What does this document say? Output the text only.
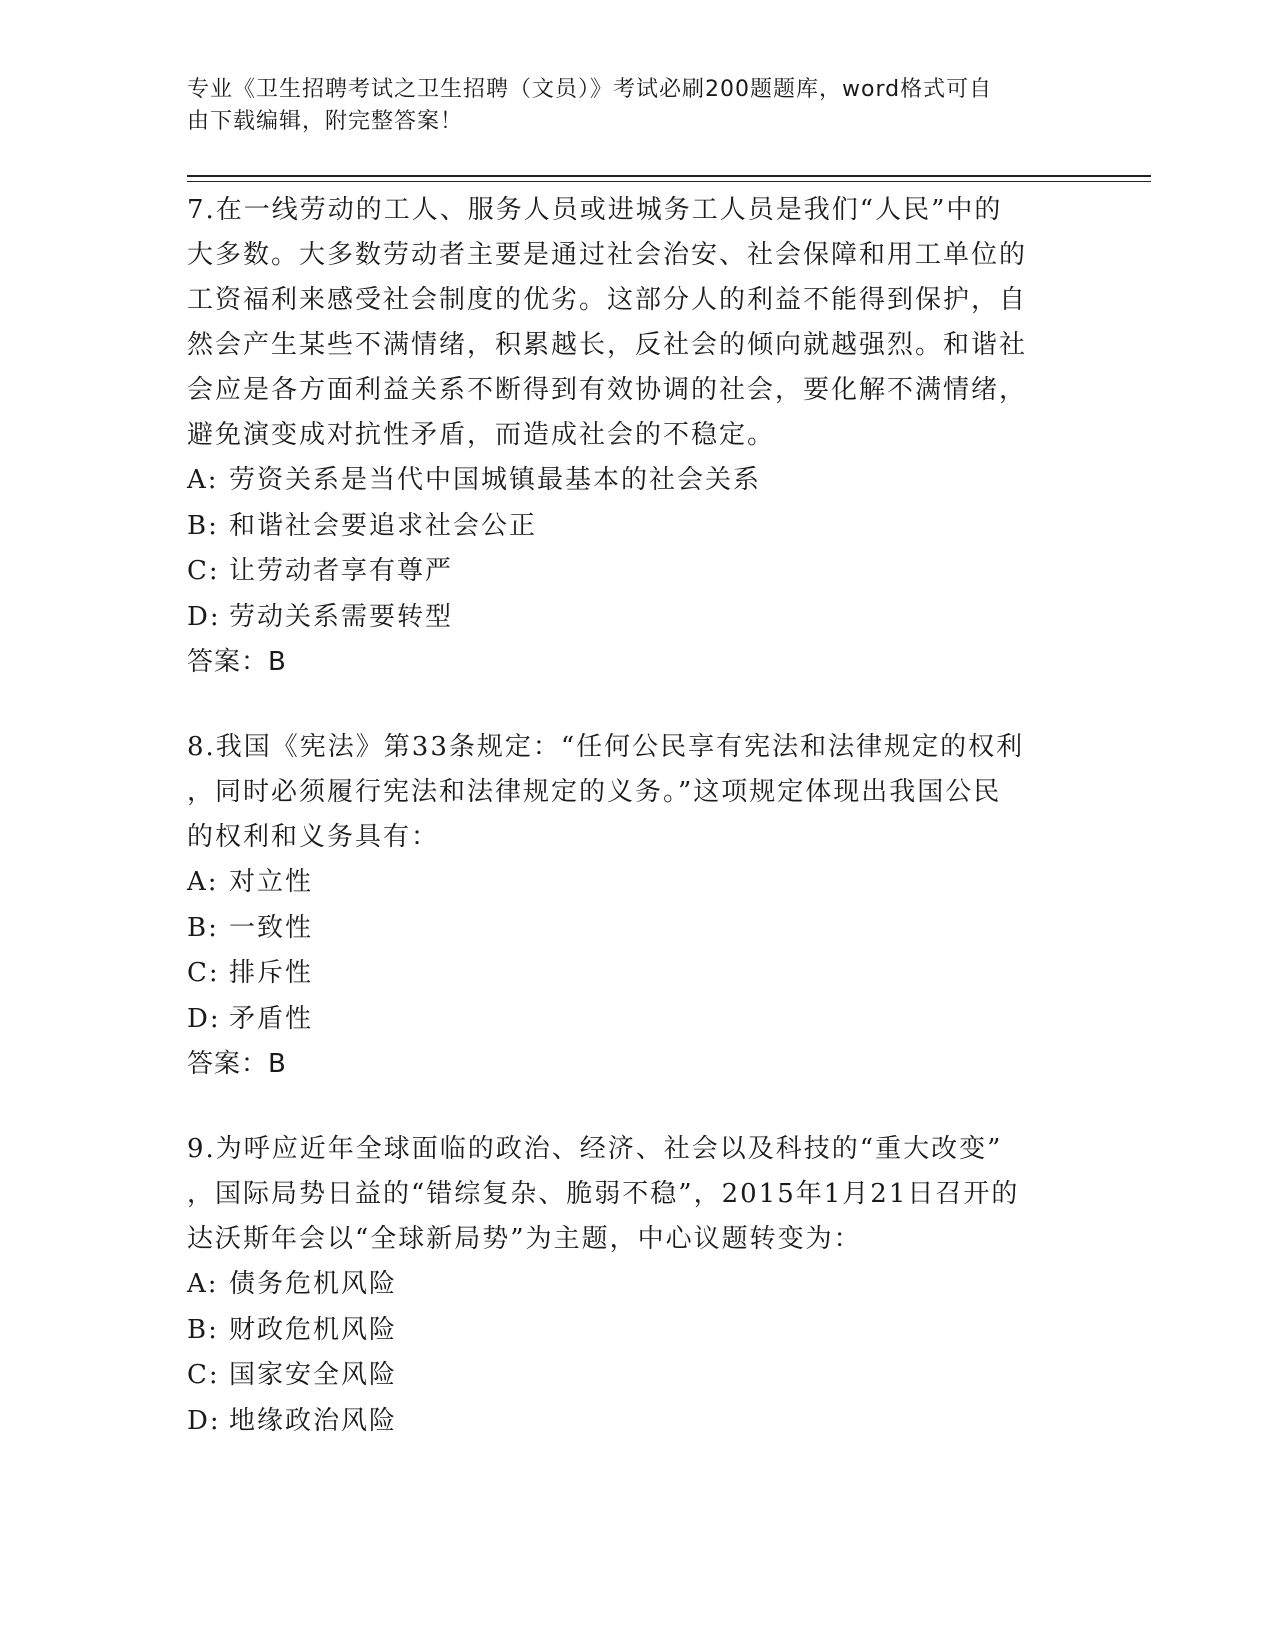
专业《卫生招聘考试之卫生招聘（文员）》考试必刷200题题库，word格式可自
由下载编辑，附完整答案！

7.在一线劳动的工人、服务人员或进城务工人员是我们“人民”中的

大多数。大多数劳动者主要是通过社会治安、社会保障和用工单位的

工资福利来感受社会制度的优劣。这部分人的利益不能得到保护，自

然会产生某些不满情绪，积累越长，反社会的倾向就越强烈。和谐社

会应是各方面利益关系不断得到有效协调的社会，要化解不满情绪，

避免演变成对抗性矛盾，而造成社会的不稳定。

A: 劳资关系是当代中国城镇最基本的社会关系

B: 和谐社会要追求社会公正

C: 让劳动者享有尊严

D: 劳动关系需要转型

答案：B

8.我国《宪法》第33条规定：“任何公民享有宪法和法律规定的权利

，同时必须履行宪法和法律规定的义务。”这项规定体现出我国公民

的权利和义务具有：

A: 对立性

B: 一致性

C: 排斥性

D: 矛盾性

答案：B

9.为呼应近年全球面临的政治、经济、社会以及科技的“重大改变”

，国际局势日益的“错综复杂、脆弱不稳”，2015年1月21日召开的

达沃斯年会以“全球新局势”为主题，中心议题转变为：

A: 债务危机风险

B: 财政危机风险

C: 国家安全风险

D: 地缘政治风险
